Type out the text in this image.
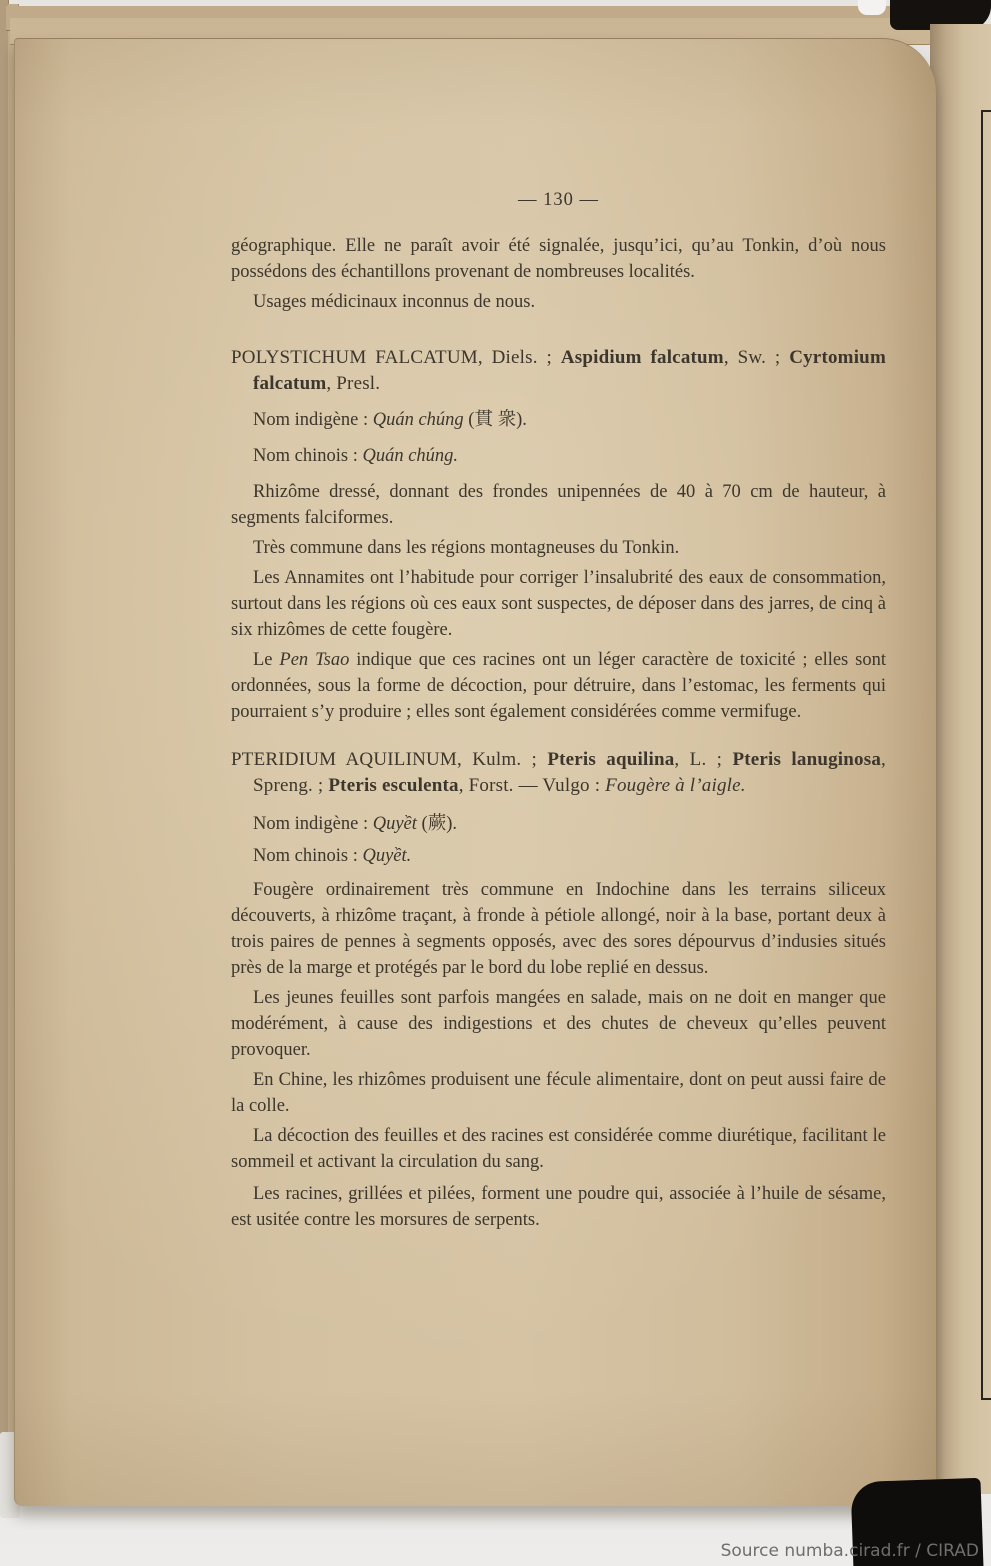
— 130 —

géographique. Elle ne paraît avoir été signalée, jusqu’ici, qu’au Tonkin, d’où nous possédons des échantillons provenant de nombreuses localités.

Usages médicinaux inconnus de nous.

POLYSTICHUM FALCATUM, Diels. ; Aspidium falcatum, Sw. ; Cyrtomium falcatum, Presl.

Nom indigène : Quán chúng (貫 衆).

Nom chinois : Quán chúng.

Rhizôme dressé, donnant des frondes unipennées de 40 à 70 cm de hauteur, à segments falciformes.

Très commune dans les régions montagneuses du Tonkin.

Les Annamites ont l’habitude pour corriger l’insalubrité des eaux de consommation, surtout dans les régions où ces eaux sont suspectes, de déposer dans des jarres, de cinq à six rhizômes de cette fougère.

Le Pen Tsao indique que ces racines ont un léger caractère de toxicité ; elles sont ordonnées, sous la forme de décoction, pour détruire, dans l’estomac, les ferments qui pourraient s’y produire ; elles sont également considérées comme vermifuge.

PTERIDIUM AQUILINUM, Kulm. ; Pteris aquilina, L. ; Pteris lanuginosa, Spreng. ; Pteris esculenta, Forst. — Vulgo : Fougère à l’aigle.

Nom indigène : Quyềt (蕨).

Nom chinois : Quyềt.

Fougère ordinairement très commune en Indochine dans les terrains siliceux découverts, à rhizôme traçant, à fronde à pétiole allongé, noir à la base, portant deux à trois paires de pennes à segments opposés, avec des sores dépourvus d’indusies situés près de la marge et protégés par le bord du lobe replié en dessus.

Les jeunes feuilles sont parfois mangées en salade, mais on ne doit en manger que modérément, à cause des indigestions et des chutes de cheveux qu’elles peuvent provoquer.

En Chine, les rhizômes produisent une fécule alimentaire, dont on peut aussi faire de la colle.

La décoction des feuilles et des racines est considérée comme diurétique, facilitant le sommeil et activant la circulation du sang.

Les racines, grillées et pilées, forment une poudre qui, associée à l’huile de sésame, est usitée contre les morsures de serpents.

Source numba.cirad.fr / CIRAD
